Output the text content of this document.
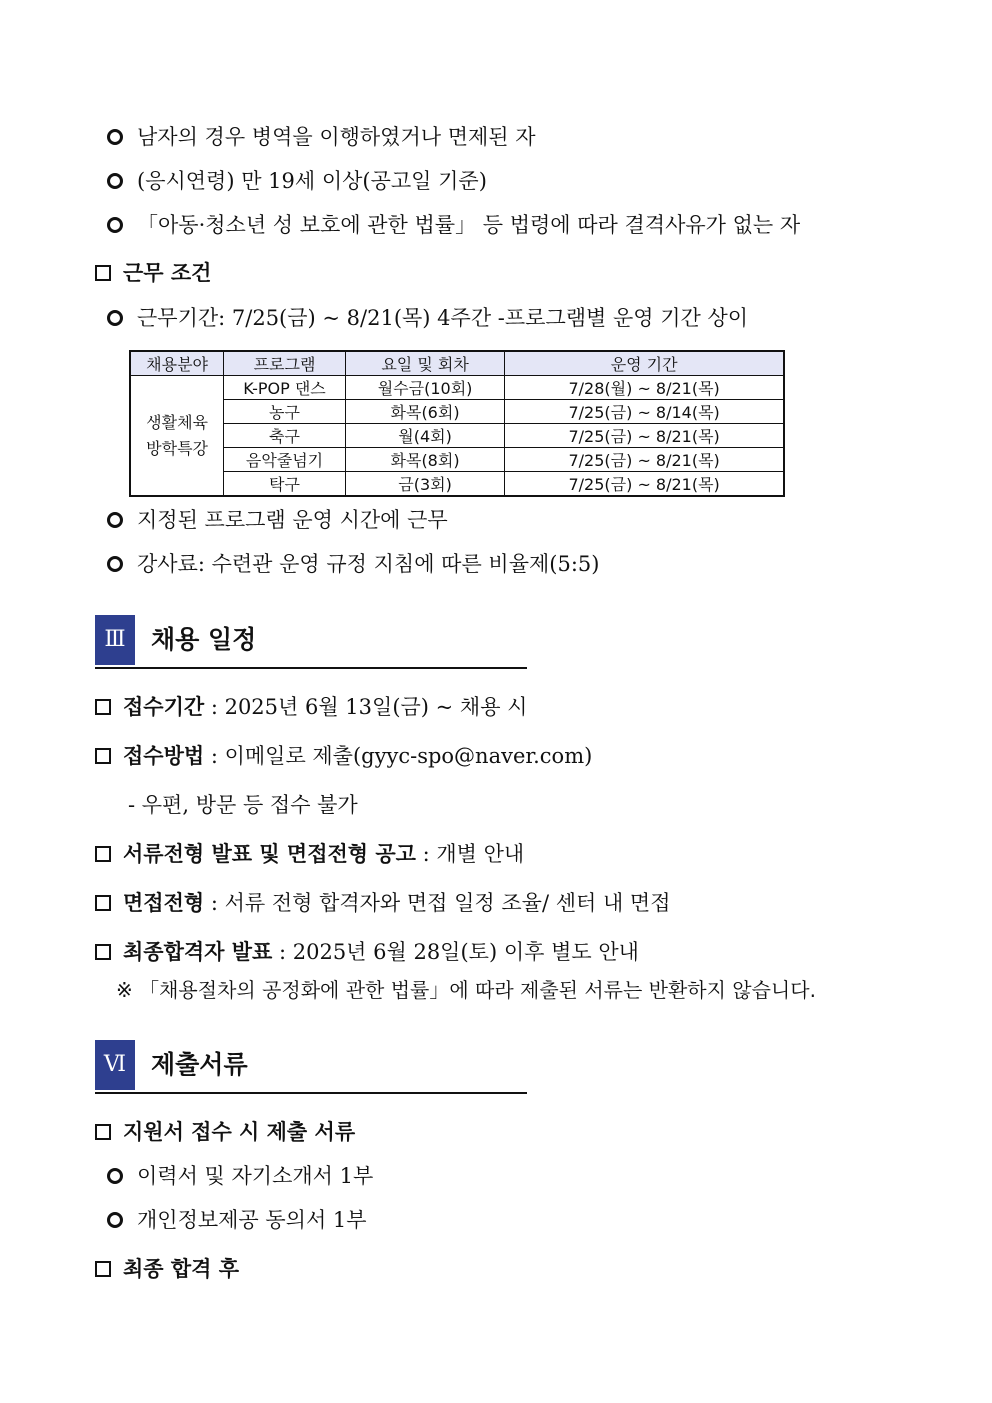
남자의 경우 병역을 이행하였거나 면제된 자
(응시연령) 만 19세 이상(공고일 기준)
「아동·청소년 성 보호에 관한 법률」 등 법령에 따라 결격사유가 없는 자
근무 조건
근무기간: 7/25(금) ~ 8/21(목) 4주간 -프로그램별 운영 기간 상이
채용분야	프로그램	요일 및 회차	운영 기간

생활체육
방학특강	K-POP 댄스	월수금(10회)	7/28(월) ~ 8/21(목)
	농구	화목(6회)	7/25(금) ~ 8/14(목)
	축구	월(4회)	7/25(금) ~ 8/21(목)
	음악줄넘기	화목(8회)	7/25(금) ~ 8/21(목)
	탁구	금(3회)	7/25(금) ~ 8/21(목)
지정된 프로그램 운영 시간에 근무
강사료: 수련관 운영 규정 지침에 따른 비율제(5:5)
Ⅲ	채용 일정
접수기간 : 2025년 6월 13일(금) ~ 채용 시
접수방법 : 이메일로 제출(gyyc-spo@naver.com)
- 우편, 방문 등 접수 불가
서류전형 발표 및 면접전형 공고 : 개별 안내
면접전형 : 서류 전형 합격자와 면접 일정 조율/ 센터 내 면접
최종합격자 발표 : 2025년 6월 28일(토) 이후 별도 안내
※ 「채용절차의 공정화에 관한 법률」에 따라 제출된 서류는 반환하지 않습니다.
Ⅵ 제출서류
지원서 접수 시 제출 서류
이력서 및 자기소개서 1부
개인정보제공 동의서 1부
최종 합격 후
